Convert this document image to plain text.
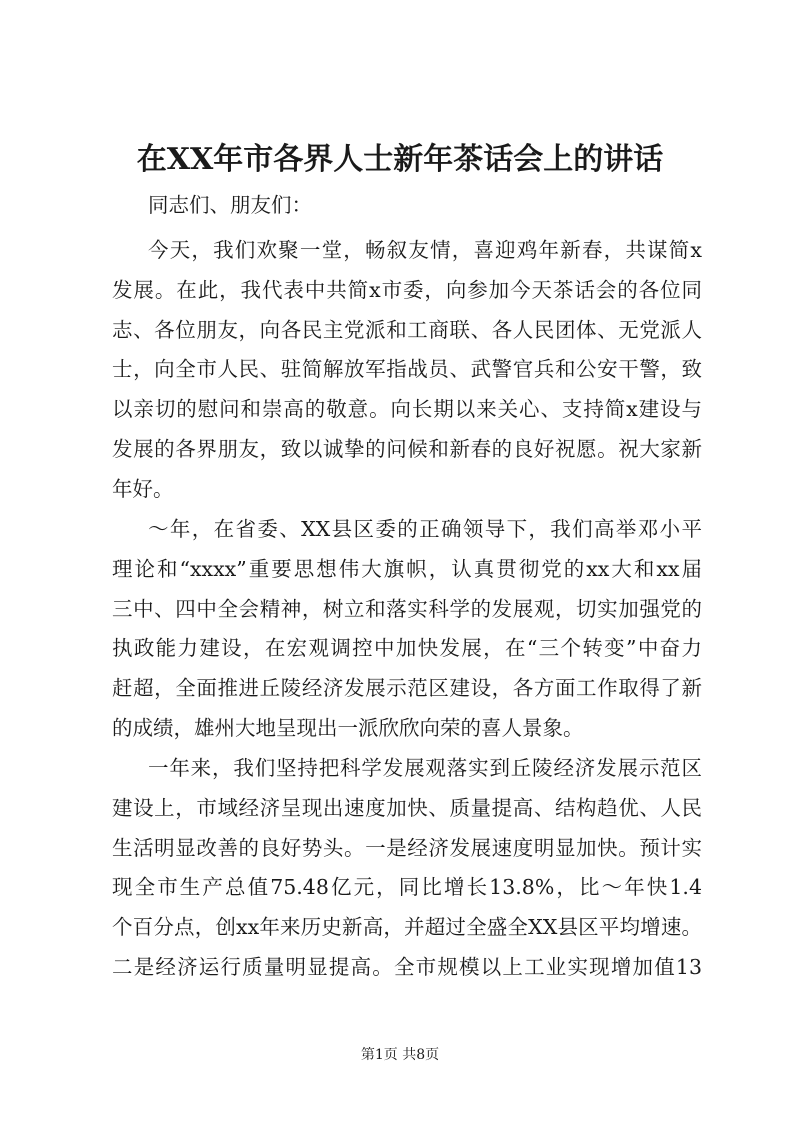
在XX年市各界人士新年茶话会上的讲话
同志们、朋友们：
今天，我们欢聚一堂，畅叙友情，喜迎鸡年新春，共谋简x
发展。在此，我代表中共简x市委，向参加今天茶话会的各位同
志、各位朋友，向各民主党派和工商联、各人民团体、无党派人
士，向全市人民、驻简解放军指战员、武警官兵和公安干警，致
以亲切的慰问和崇高的敬意。向长期以来关心、支持简x建设与
发展的各界朋友，致以诚挚的问候和新春的良好祝愿。祝大家新
年好。
～年，在省委、XX县区委的正确领导下，我们高举邓小平
理论和“xxxx”重要思想伟大旗帜，认真贯彻党的xx大和xx届
三中、四中全会精神，树立和落实科学的发展观，切实加强党的
执政能力建设，在宏观调控中加快发展，在“三个转变”中奋力
赶超，全面推进丘陵经济发展示范区建设，各方面工作取得了新
的成绩，雄州大地呈现出一派欣欣向荣的喜人景象。
一年来，我们坚持把科学发展观落实到丘陵经济发展示范区
建设上，市域经济呈现出速度加快、质量提高、结构趋优、人民
生活明显改善的良好势头。一是经济发展速度明显加快。预计实
现全市生产总值75.48亿元，同比增长13.8%，比～年快1.4
个百分点，创xx年来历史新高，并超过全盛全XX县区平均增速。
二是经济运行质量明显提高。全市规模以上工业实现增加值13
第1页 共8页
